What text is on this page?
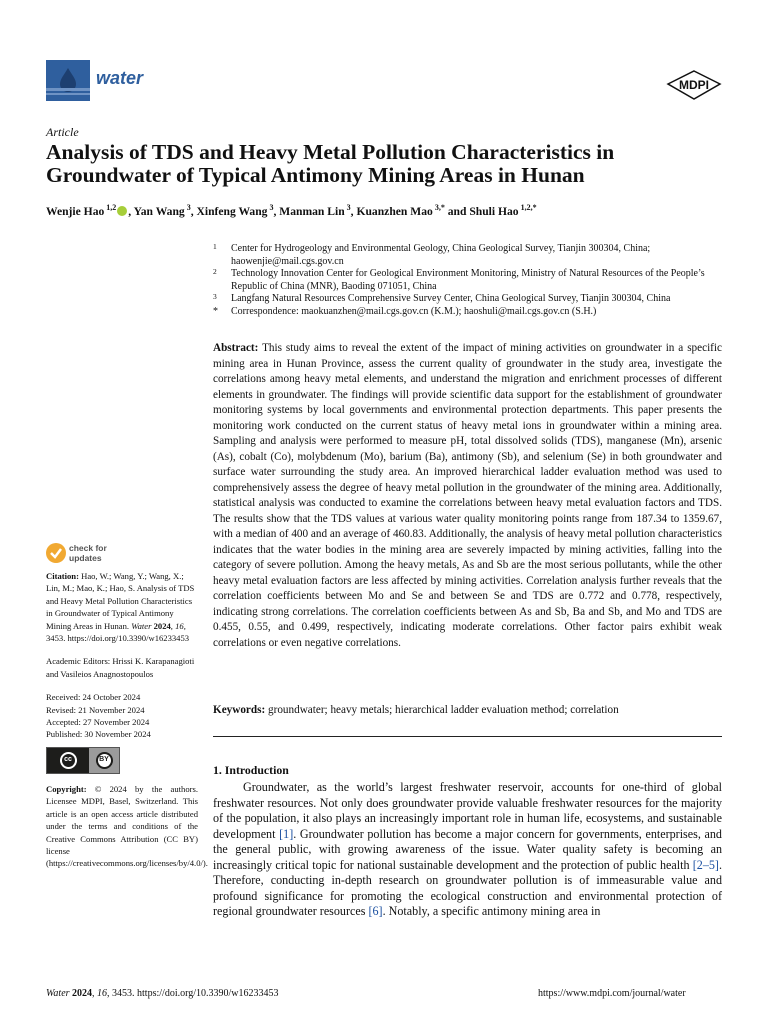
water	MDPI
Article
Analysis of TDS and Heavy Metal Pollution Characteristics in Groundwater of Typical Antimony Mining Areas in Hunan
Wenjie Hao $^{1,2}$ , Yan Wang $^3$, Xinfeng Wang $^3$, Manman Lin $^3$, Kuanzhen Mao $^{3,*}$ and Shuli Hao $^{1,2,*}$
1 Center for Hydrogeology and Environmental Geology, China Geological Survey, Tianjin 300304, China; haowenjie@mail.cgs.gov.cn
2 Technology Innovation Center for Geological Environment Monitoring, Ministry of Natural Resources of the People’s Republic of China (MNR), Baoding 071051, China
3 Langfang Natural Resources Comprehensive Survey Center, China Geological Survey, Tianjin 300304, China
* Correspondence: maokuanzhen@mail.cgs.gov.cn (K.M.); haoshuli@mail.cgs.gov.cn (S.H.)
Abstract: This study aims to reveal the extent of the impact of mining activities on groundwater in a specific mining area in Hunan Province, assess the current quality of groundwater in the study area, investigate the correlations among heavy metal elements, and understand the migration and enrichment processes of different elements in groundwater. The findings will provide scientific data support for the establishment of groundwater monitoring systems by local governments and environmental protection departments. This paper presents the monitoring work conducted on the current status of heavy metal ions in groundwater within a mining area. Sampling and analysis were performed to measure pH, total dissolved solids (TDS), manganese (Mn), arsenic (As), cobalt (Co), molybdenum (Mo), barium (Ba), antimony (Sb), and selenium (Se) in both groundwater and surface water surrounding the study area. An improved hierarchical ladder evaluation method was used to comprehensively assess the degree of heavy metal pollution in the groundwater of the mining area. Additionally, statistical analysis was conducted to examine the correlations between heavy metal evaluation factors and TDS. The results show that the TDS values at various water quality monitoring points range from 187.34 to 1359.67, with a median of 400 and an average of 460.83. Additionally, the analysis of heavy metal pollution characteristics indicates that the water bodies in the mining area are severely impacted by mining activities, falling into the category of severe pollution. Among the heavy metals, As and Sb are the most serious pollutants, while the other heavy metal evaluation factors are less affected by mining activities. Correlation analysis further reveals that the correlation coefficients between Mo and Se and between Se and TDS are 0.772 and 0.778, respectively, indicating strong correlations. The correlation coefficients between As and Sb, Ba and Sb, and Mo and TDS are 0.455, 0.55, and 0.499, respectively, indicating moderate correlations. Other factor pairs exhibit weak correlations or even negative correlations.
Keywords: groundwater; heavy metals; hierarchical ladder evaluation method; correlation
1. Introduction

Groundwater, as the world’s largest freshwater reservoir, accounts for one-third of global freshwater resources. Not only does groundwater provide valuable freshwater resources for the majority of the population, it also plays an increasingly important role in human life, ecosystems, and sustainable development [1]. Groundwater pollution has become a major concern for governments, enterprises, and the general public, with growing awareness of the issue. Water quality safety is becoming an increasingly critical topic for national sustainable development and the protection of public health [2–5]. Therefore, conducting in-depth research on groundwater pollution is of immeasurable value and profound significance for promoting the ecological construction and environmental protection of regional groundwater resources [6]. Notably, a specific antimony mining area in

check for
updates

Citation: Hao, W.; Wang, Y.; Wang, X.; Lin, M.; Mao, K.; Hao, S. Analysis of TDS and Heavy Metal Pollution Characteristics in Groundwater of Typical Antimony Mining Areas in Hunan. Water 2024, 16, 3453. https://doi.org/10.3390/w16233453

Academic Editors: Hrissi K. Karapanagioti and Vasileios Anagnostopoulos

Received: 24 October 2024

Revised: 21 November 2024

Accepted: 27 November 2024

Published: 30 November 2024

cc	BY

Copyright: © 2024 by the authors. Licensee MDPI, Basel, Switzerland. This article is an open access article distributed under the terms and conditions of the Creative Commons Attribution (CC BY) license (https://creativecommons.org/licenses/by/4.0/).

Water 2024, 16, 3453. https://doi.org/10.3390/w16233453	https://www.mdpi.com/journal/water
